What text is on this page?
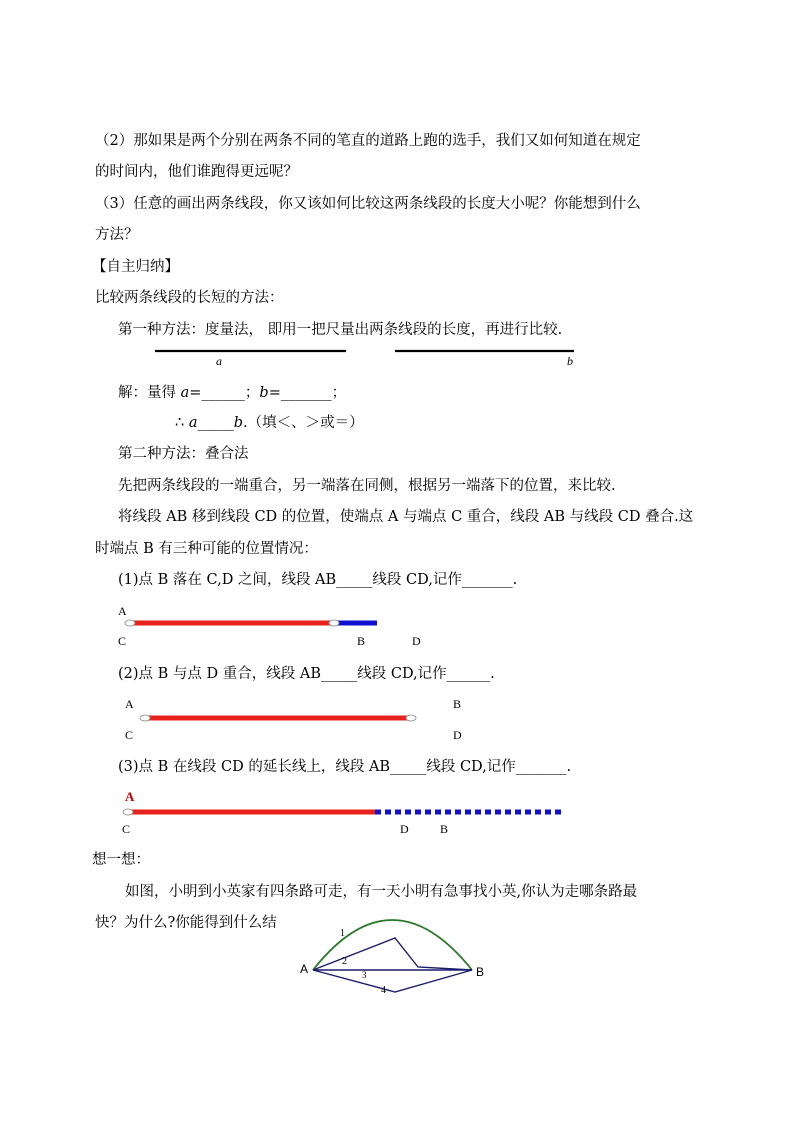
（2）那如果是两个分别在两条不同的笔直的道路上跑的选手，我们又如何知道在规定
的时间内，他们谁跑得更远呢？
（3）任意的画出两条线段，你又该如何比较这两条线段的长度大小呢？你能想到什么
方法？
【自主归纳】
比较两条线段的长短的方法：
第一种方法：度量法， 即用一把尺量出两条线段的长度，再进行比较.
a	b
解：量得 a=______；b=_______；
∴ a_____b.（填＜、＞或＝）
第二种方法：叠合法
先把两条线段的一端重合，另一端落在同侧，根据另一端落下的位置，来比较.
将线段 AB 移到线段 CD 的位置，使端点 A 与端点 C 重合，线段 AB 与线段 CD 叠合.这
时端点 B 有三种可能的位置情况：
(1)点 B 落在 C,D 之间，线段 AB_____线段 CD,记作_______.
A
C	B	D
(2)点 B 与点 D 重合，线段 AB_____线段 CD,记作______.
A
C
B
D
(3)点 B 在线段 CD 的延长线上，线段 AB_____线段 CD,记作_______.
A
C	D	B
想一想：
如图，小明到小英家有四条路可走，有一天小明有急事找小英,你认为走哪条路最
快？为什么?你能得到什么结
A	B
1
2
3
4
